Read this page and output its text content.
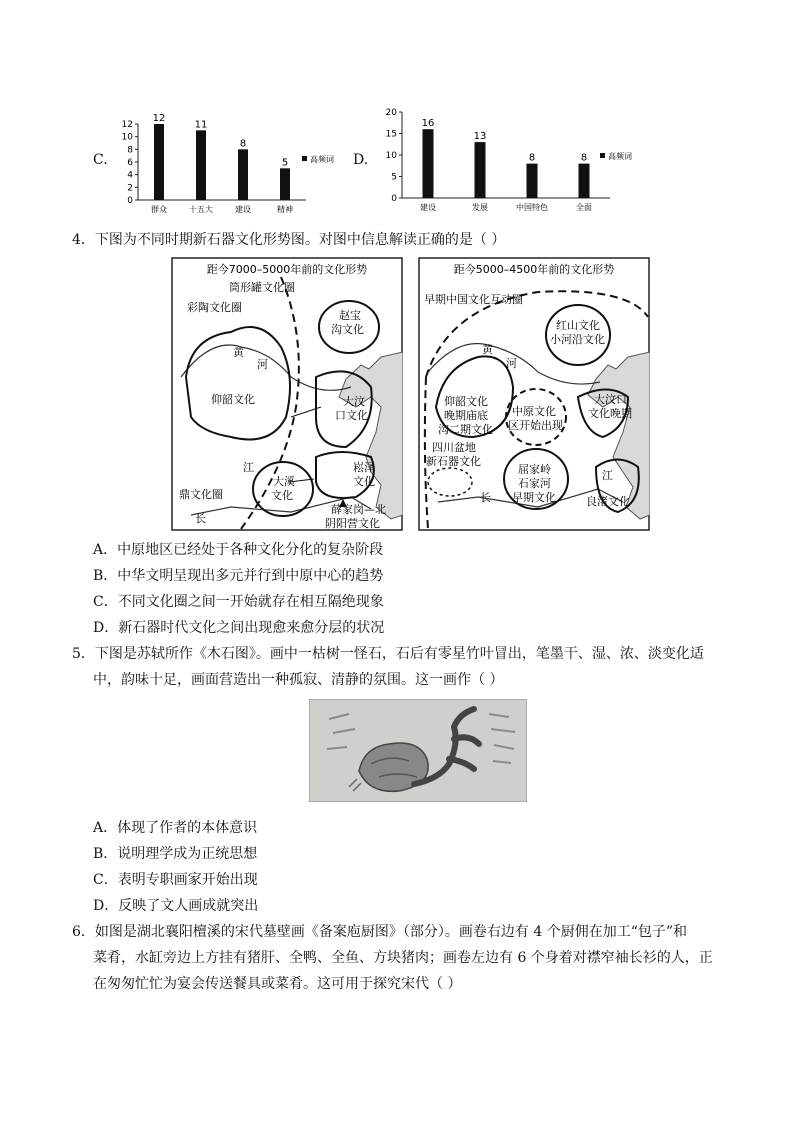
C.
0
2
4
6
8
10
12
12
群众
11
十五大
8
建设
5
精神
高频词 D.
0
5
10
15
20
16
建设
13
发展
8
中国特色
8
全面
高频词
4．下图为不同时期新石器文化形势图。对图中信息解读正确的是（ ）
距今7000–5000年前的文化形势
筒形罐文化圈
彩陶文化圈
赵宝
沟文化
黄
河
仰韶文化	大汶
口文化
江
大溪
文化
崧泽
文化
鼎文化圈
长
薛家岗—北
阴阳营文化
距今5000–4500年前的文化形势
早期中国文化互动圈
红山文化
小河沿文化
黄
河
大汶口
文化晚期
仰韶文化
晚期庙底
沟二期文化
中原文化
区开始出现
四川盆地
新石器文化
屈家岭
石家河
早期文化
江
长	良渚文化
A．中原地区已经处于各种文化分化的复杂阶段
B．中华文明呈现出多元并行到中原中心的趋势
C．不同文化圈之间一开始就存在相互隔绝现象
D．新石器时代文化之间出现愈来愈分层的状况
5．下图是苏轼所作《木石图》。画中一枯树一怪石，石后有零星竹叶冒出，笔墨干、湿、浓、淡变化适
中，韵味十足，画面营造出一种孤寂、清静的氛围。这一画作（ ）
A．体现了作者的本体意识
B．说明理学成为正统思想
C．表明专职画家开始出现
D．反映了文人画成就突出
6．如图是湖北襄阳檀溪的宋代墓壁画《备案庖厨图》（部分）。画卷右边有 4 个厨佣在加工“包子”和
菜肴，水缸旁边上方挂有猪肝、全鸭、全鱼、方块猪肉；画卷左边有 6 个身着对襟窄袖长衫的人，正
在匆匆忙忙为宴会传送餐具或菜肴。这可用于探究宋代（ ）
